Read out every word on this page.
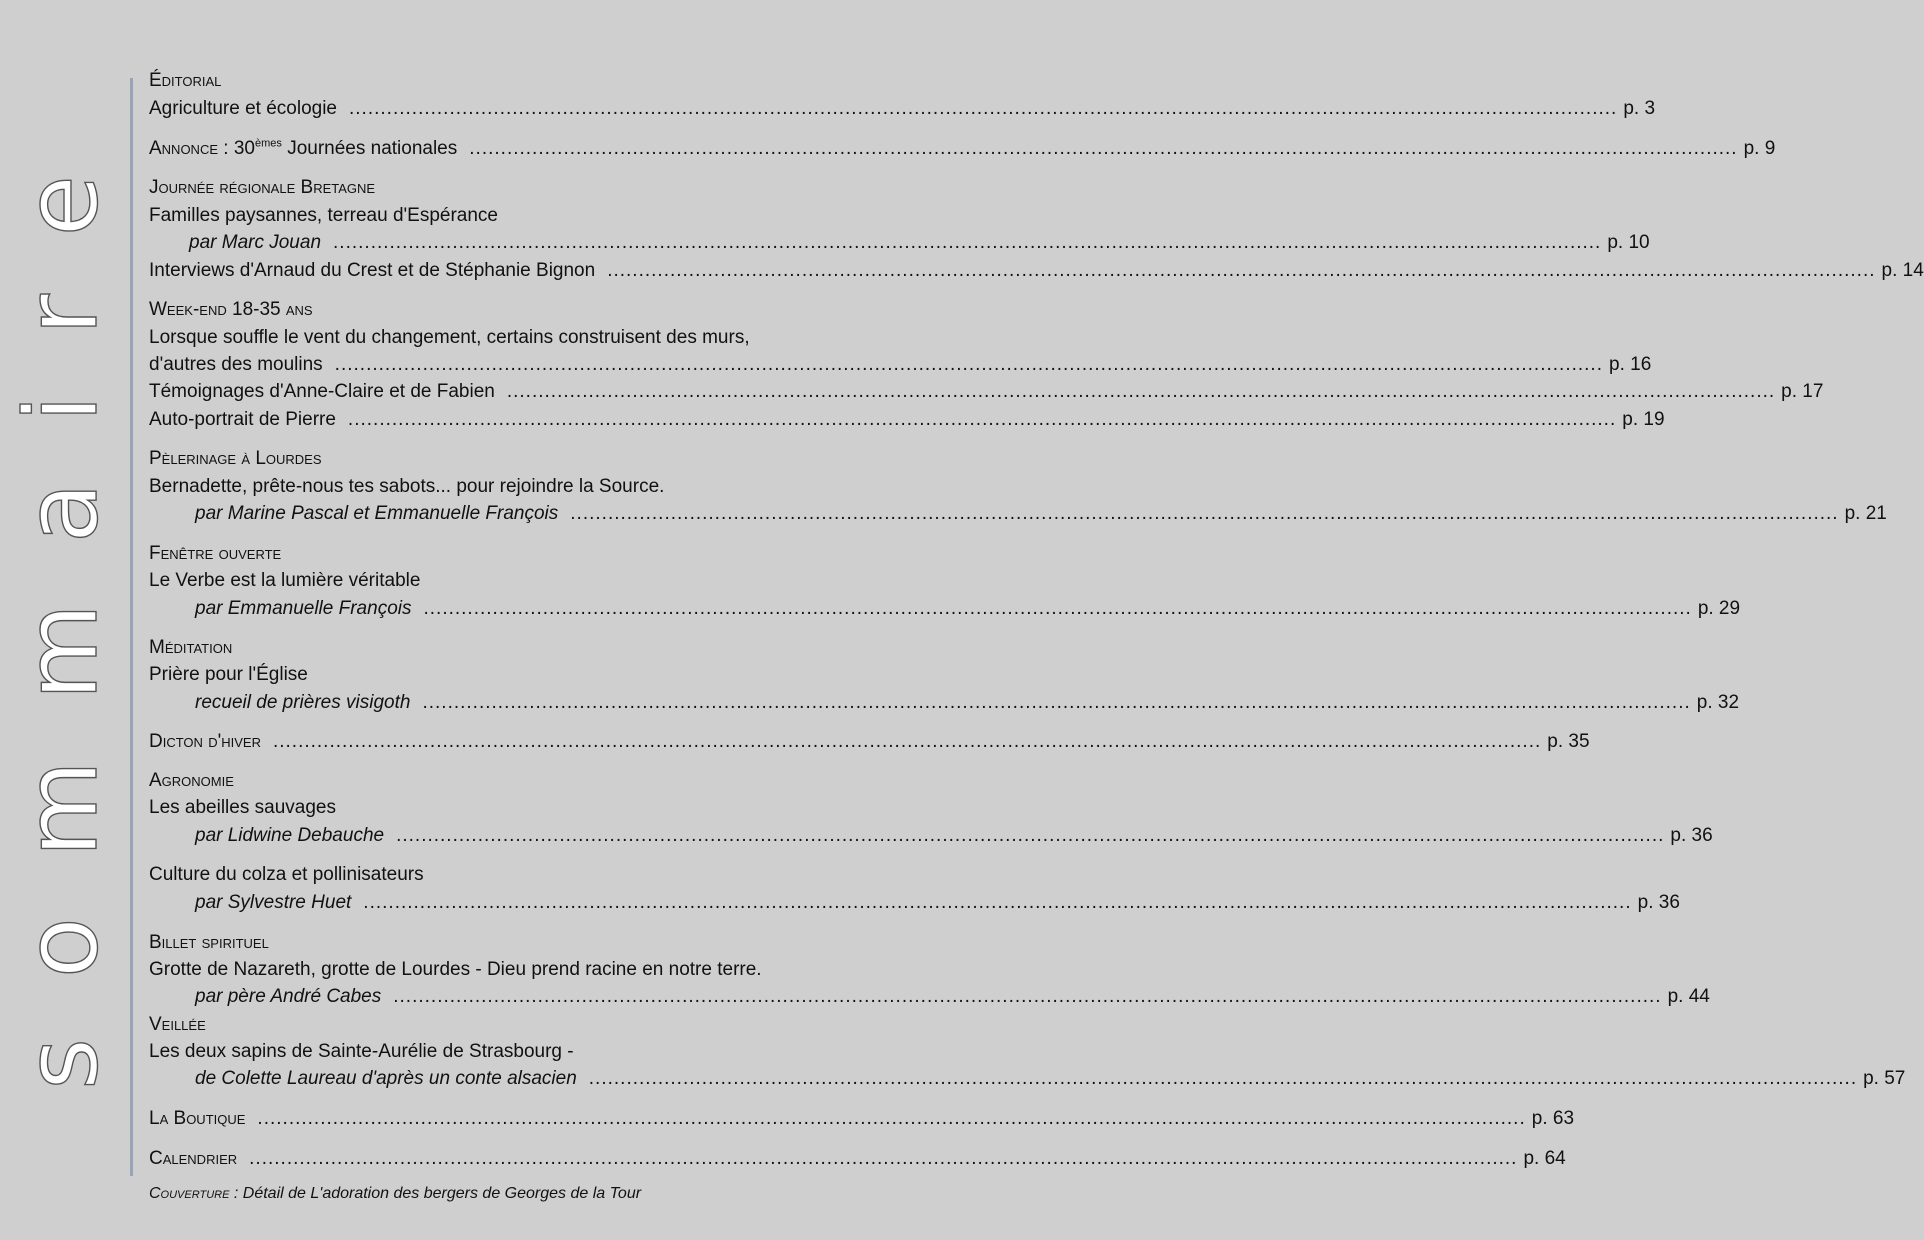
sommaire
Éditorial
Agriculture et écologie .....	p. 3
Annonce : 30èmes Journées nationales .....	p. 9
Journée régionale Bretagne
Familles paysannes, terreau d'Espérance
par Marc Jouan .....	p. 10
Interviews d'Arnaud du Crest et de Stéphanie Bignon .....	p. 14
Week-end 18-35 ans
Lorsque souffle le vent du changement, certains construisent des murs,
d'autres des moulins .....	p. 16
Témoignages d'Anne-Claire et de Fabien .....	p. 17
Auto-portrait de Pierre .....	p. 19
Pèlerinage à Lourdes
Bernadette, prête-nous tes sabots... pour rejoindre la Source.
par Marine Pascal et Emmanuelle François .....	p. 21
Fenêtre ouverte
Le Verbe est la lumière véritable
par Emmanuelle François .....	p. 29
Méditation
Prière pour l'Église
recueil de prières visigoth .....	p. 32
Dicton d'hiver .....	p. 35
Agronomie
Les abeilles sauvages
par Lidwine Debauche .....	p. 36
Culture du colza et pollinisateurs
par Sylvestre Huet .....	p. 36
Billet spirituel
Grotte de Nazareth, grotte de Lourdes - Dieu prend racine en notre terre.
par père André Cabes .....	p. 44
Veillée
Les deux sapins de Sainte-Aurélie de Strasbourg -
de Colette Laureau d'après un conte alsacien .....	p. 57
La Boutique .....	p. 63
Calendrier .....	p. 64
Couverture : Détail de L'adoration des bergers de Georges de la Tour
